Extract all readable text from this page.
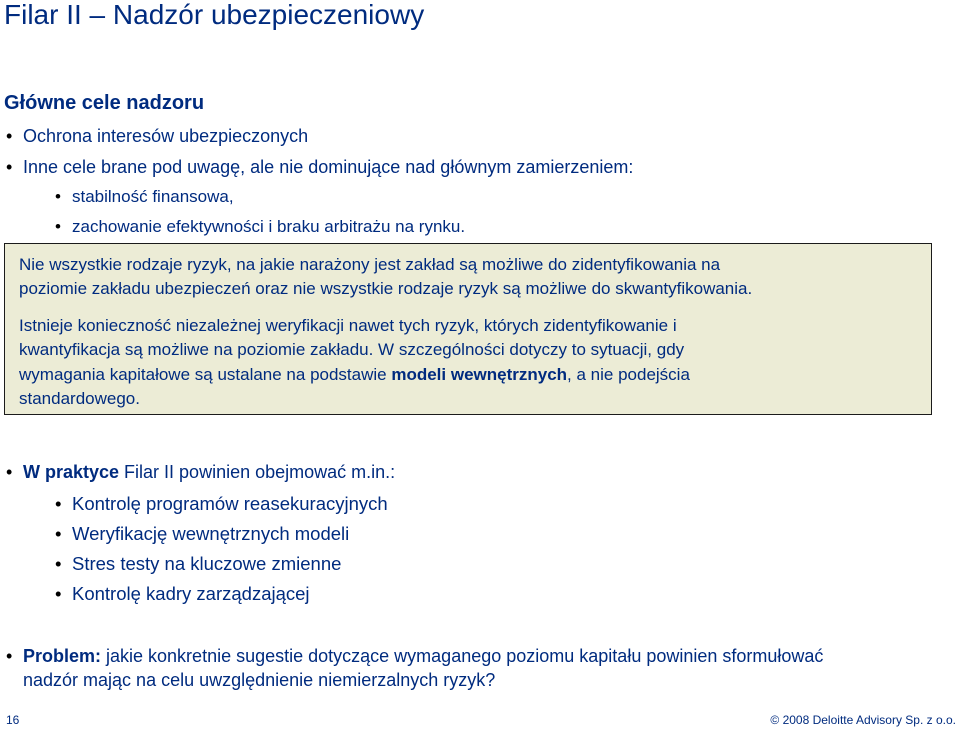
Filar II – Nadzór ubezpieczeniowy
Główne cele nadzoru
• Ochrona interesów ubezpieczonych
• Inne cele brane pod uwagę, ale nie dominujące nad głównym zamierzeniem:
• stabilność finansowa,
• zachowanie efektywności i braku arbitrażu na rynku.
Nie wszystkie rodzaje ryzyk, na jakie narażony jest zakład są możliwe do zidentyfikowania na
poziomie zakładu ubezpieczeń oraz nie wszystkie rodzaje ryzyk są możliwe do skwantyfikowania.
Istnieje konieczność niezależnej weryfikacji nawet tych ryzyk, których zidentyfikowanie i
kwantyfikacja są możliwe na poziomie zakładu. W szczególności dotyczy to sytuacji, gdy
wymagania kapitałowe są ustalane na podstawie modeli wewnętrznych, a nie podejścia
standardowego.
• W praktyce Filar II powinien obejmować m.in.:
• Kontrolę programów reasekuracyjnych
• Weryfikację wewnętrznych modeli
• Stres testy na kluczowe zmienne
• Kontrolę kadry zarządzającej
• Problem: jakie konkretnie sugestie dotyczące wymaganego poziomu kapitału powinien sformułować
nadzór mając na celu uwzględnienie niemierzalnych ryzyk?
16	© 2008 Deloitte Advisory Sp. z o.o.
